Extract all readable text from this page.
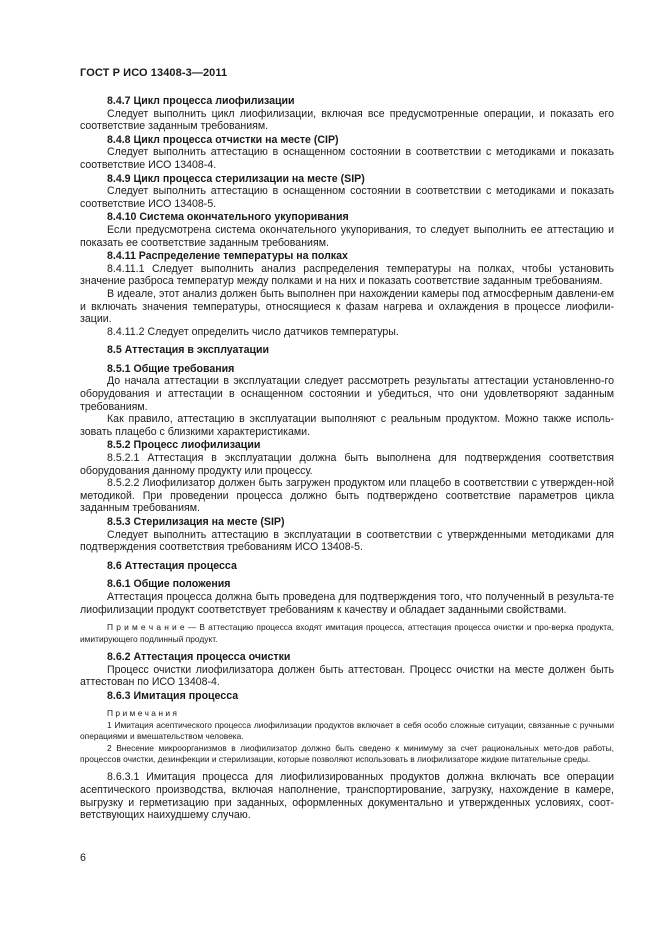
ГОСТ Р ИСО 13408-3—2011

8.4.7 Цикл процесса лиофилизации

Следует выполнить цикл лиофилизации, включая все предусмотренные операции, и показать его соответствие заданным требованиям.

8.4.8 Цикл процесса отчистки на месте (CIP)

Следует выполнить аттестацию в оснащенном состоянии в соответствии с методиками и показать соответствие ИСО 13408-4.

8.4.9 Цикл процесса стерилизации на месте (SIP)

Следует выполнить аттестацию в оснащенном состоянии в соответствии с методиками и показать соответствие ИСО 13408-5.

8.4.10 Система окончательного укупоривания

Если предусмотрена система окончательного укупоривания, то следует выполнить ее аттестацию и показать ее соответствие заданным требованиям.

8.4.11 Распределение температуры на полках

8.4.11.1 Следует выполнить анализ распределения температуры на полках, чтобы установить значение разброса температур между полками и на них и показать соответствие заданным требованиям.

В идеале, этот анализ должен быть выполнен при нахождении камеры под атмосферным давлени-ем и включать значения температуры, относящиеся к фазам нагрева и охлаждения в процессе лиофили-зации.

8.4.11.2 Следует определить число датчиков температуры.

8.5 Аттестация в эксплуатации

8.5.1 Общие требования

До начала аттестации в эксплуатации следует рассмотреть результаты аттестации установленно-го оборудования и аттестации в оснащенном состоянии и убедиться, что они удовлетворяют заданным требованиям.

Как правило, аттестацию в эксплуатации выполняют с реальным продуктом. Можно также исполь-зовать плацебо с близкими характеристиками.

8.5.2 Процесс лиофилизации

8.5.2.1 Аттестация в эксплуатации должна быть выполнена для подтверждения соответствия оборудования данному продукту или процессу.

8.5.2.2 Лиофилизатор должен быть загружен продуктом или плацебо в соответствии с утвержден-ной методикой. При проведении процесса должно быть подтверждено соответствие параметров цикла заданным требованиям.

8.5.3 Стерилизация на месте (SIP)

Следует выполнить аттестацию в эксплуатации в соответствии с утвержденными методиками для подтверждения соответствия требованиям ИСО 13408-5.

8.6 Аттестация процесса

8.6.1 Общие положения

Аттестация процесса должна быть проведена для подтверждения того, что полученный в результа-те лиофилизации продукт соответствует требованиям к качеству и обладает заданными свойствами.

П р и м е ч а н и е — В аттестацию процесса входят имитация процесса, аттестация процесса очистки и про-верка продукта, имитирующего подлинный продукт.

8.6.2 Аттестация процесса очистки

Процесс очистки лиофилизатора должен быть аттестован. Процесс очистки на месте должен быть аттестован по ИСО 13408-4.

8.6.3 Имитация процесса

Примечания

1 Имитация асептического процесса лиофилизации продуктов включает в себя особо сложные ситуации, связанные с ручными операциями и вмешательством человека.

2 Внесение микроорганизмов в лиофилизатор должно быть сведено к минимуму за счет рациональных мето-дов работы, процессов очистки, дезинфекции и стерилизации, которые позволяют использовать в лиофилизаторе жидкие питательные среды.

8.6.3.1 Имитация процесса для лиофилизированных продуктов должна включать все операции асептического производства, включая наполнение, транспортирование, загрузку, нахождение в камере, выгрузку и герметизацию при заданных, оформленных документально и утвержденных условиях, соот-ветствующих наихудшему случаю.

6
